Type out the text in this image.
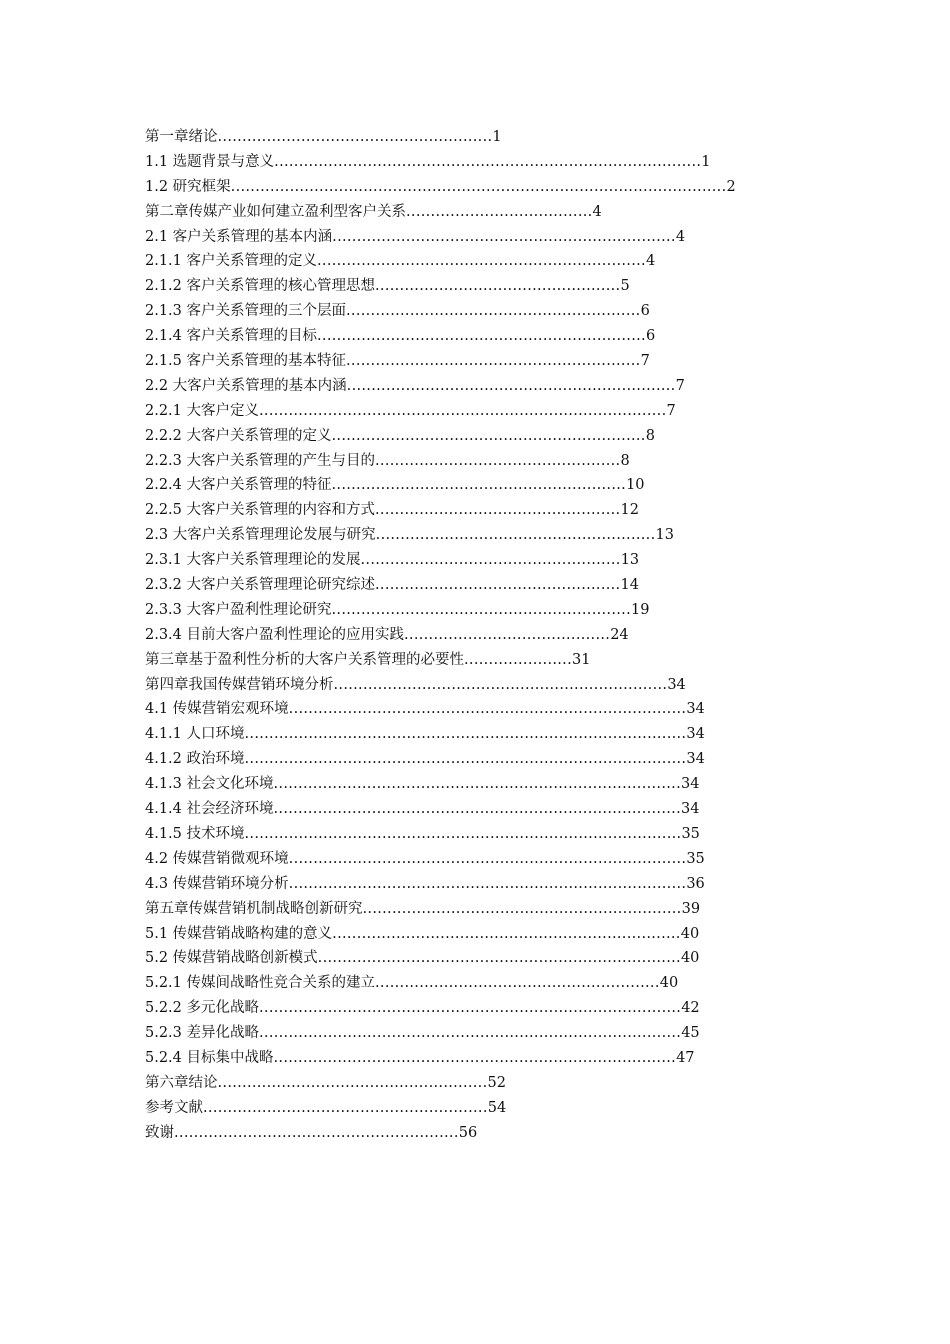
第一章绪论........................................................1
1.1 选题背景与意义.......................................................................................1
1.2 研究框架.....................................................................................................2
第二章传媒产业如何建立盈利型客户关系......................................4
2.1 客户关系管理的基本内涵......................................................................4
2.1.1 客户关系管理的定义...................................................................4
2.1.2 客户关系管理的核心管理思想..................................................5
2.1.3 客户关系管理的三个层面............................................................6
2.1.4 客户关系管理的目标...................................................................6
2.1.5 客户关系管理的基本特征............................................................7
2.2 大客户关系管理的基本内涵...................................................................7
2.2.1 大客户定义...................................................................................7
2.2.2 大客户关系管理的定义................................................................8
2.2.3 大客户关系管理的产生与目的..................................................8
2.2.4 大客户关系管理的特征............................................................10
2.2.5 大客户关系管理的内容和方式..................................................12
2.3 大客户关系管理理论发展与研究.........................................................13
2.3.1 大客户关系管理理论的发展.....................................................13
2.3.2 大客户关系管理理论研究综述..................................................14
2.3.3 大客户盈利性理论研究.............................................................19
2.3.4 目前大客户盈利性理论的应用实践..........................................24
第三章基于盈利性分析的大客户关系管理的必要性......................31
第四章我国传媒营销环境分析....................................................................34
4.1 传媒营销宏观环境.................................................................................34
4.1.1 人口环境..........................................................................................34
4.1.2 政治环境..........................................................................................34
4.1.3 社会文化环境...................................................................................34
4.1.4 社会经济环境...................................................................................34
4.1.5 技术环境.........................................................................................35
4.2 传媒营销微观环境.................................................................................35
4.3 传媒营销环境分析.................................................................................36
第五章传媒营销机制战略创新研究.................................................................39
5.1 传媒营销战略构建的意义.......................................................................40
5.2 传媒营销战略创新模式..........................................................................40
5.2.1 传媒间战略性竞合关系的建立..........................................................40
5.2.2 多元化战略......................................................................................42
5.2.3 差异化战略......................................................................................45
5.2.4 目标集中战略..................................................................................47
第六章结论.......................................................52
参考文献..........................................................54
致谢..........................................................56
